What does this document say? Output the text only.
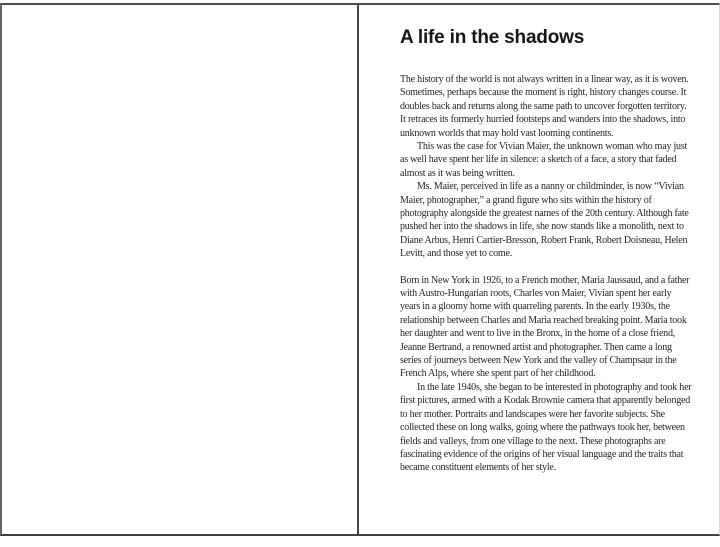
A life in the shadows

The history of the world is not always written in a linear way, as it is woven. Sometimes, perhaps because the moment is right, history changes course. It doubles back and returns along the same path to uncover forgotten territory. It retraces its formerly hurried footsteps and wanders into the shadows, into unknown worlds that may hold vast looming continents.

This was the case for Vivian Maier, the unknown woman who may just as well have spent her life in silence: a sketch of a face, a story that faded almost as it was being written.

Ms. Maier, perceived in life as a nanny or childminder, is now “Vivian Maier, photographer,” a grand figure who sits within the history of photography alongside the greatest names of the 20th century. Although fate pushed her into the shadows in life, she now stands like a monolith, next to Diane Arbus, Henri Cartier-Bresson, Robert Frank, Robert Doisneau, Helen Levitt, and those yet to come.

Born in New York in 1926, to a French mother, Maria Jaussaud, and a father with Austro-Hungarian roots, Charles von Maier, Vivian spent her early years in a gloomy home with quarreling parents. In the early 1930s, the relationship between Charles and Maria reached breaking point. Maria took her daughter and went to live in the Bronx, in the home of a close friend, Jeanne Bertrand, a renowned artist and photographer. Then came a long series of journeys between New York and the valley of Champsaur in the French Alps, where she spent part of her childhood.

In the late 1940s, she began to be interested in photography and took her first pictures, armed with a Kodak Brownie camera that apparently belonged to her mother. Portraits and landscapes were her favorite subjects. She collected these on long walks, going where the pathways took her, between fields and valleys, from one village to the next. These photographs are fascinating evidence of the origins of her visual language and the traits that became constituent elements of her style.
